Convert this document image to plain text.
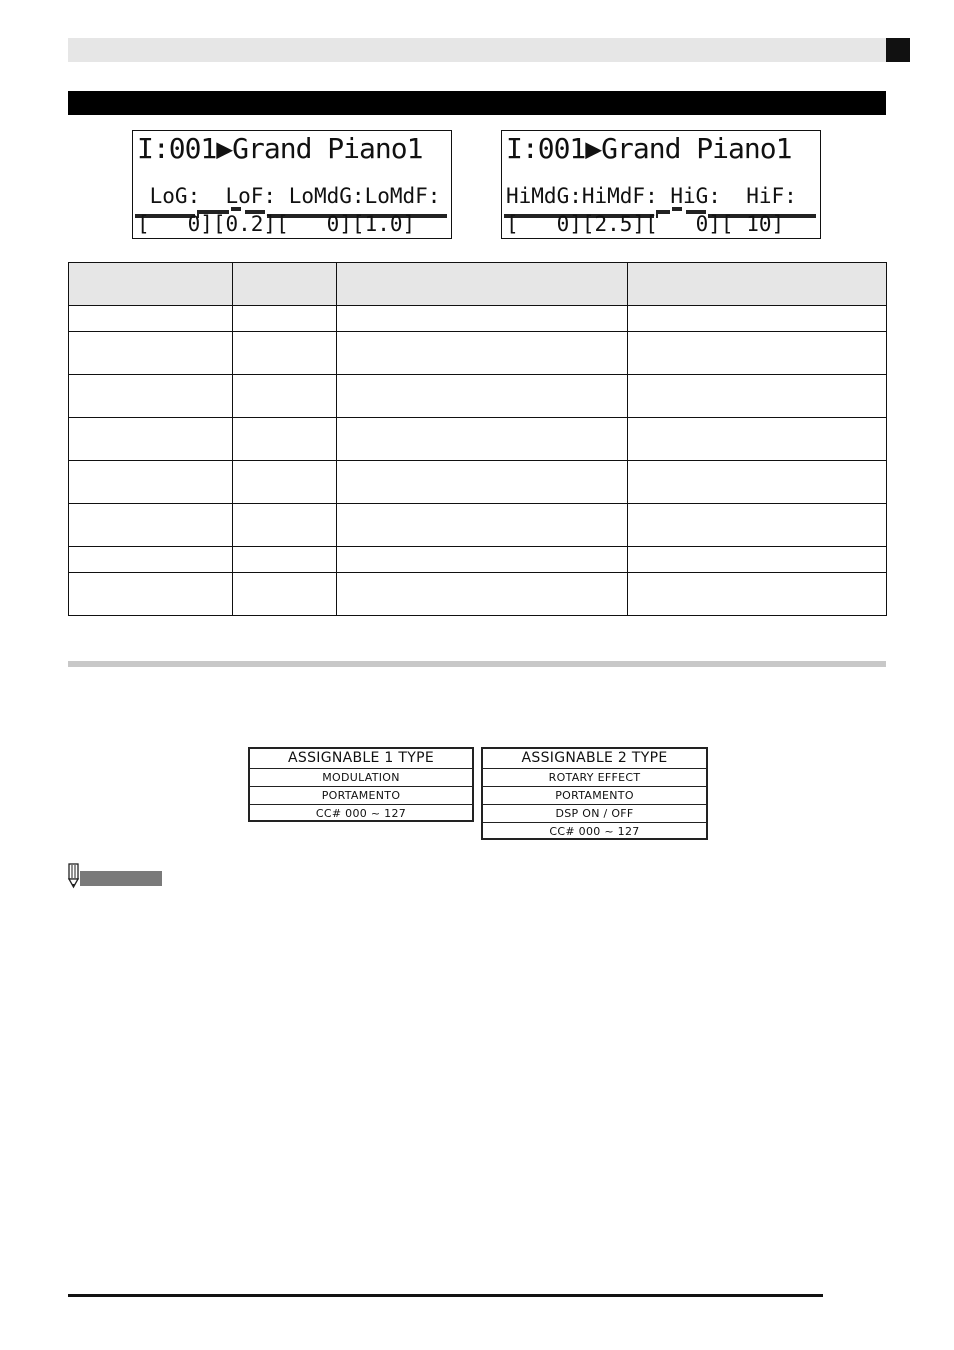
I:001▶Grand Piano1

LoG:  LoF: LoMdG:LoMdF:
[   0][0.2][   0][1.0]
I:001▶Grand Piano1

HiMdG:HiMdF: HiG:  HiF:
[   0][2.5][   0][ 10]

ASSIGNABLE 1 TYPE
MODULATION
PORTAMENTO
CC# 000 ~ 127
ASSIGNABLE 2 TYPE
ROTARY EFFECT
PORTAMENTO
DSP ON / OFF
CC# 000 ~ 127
